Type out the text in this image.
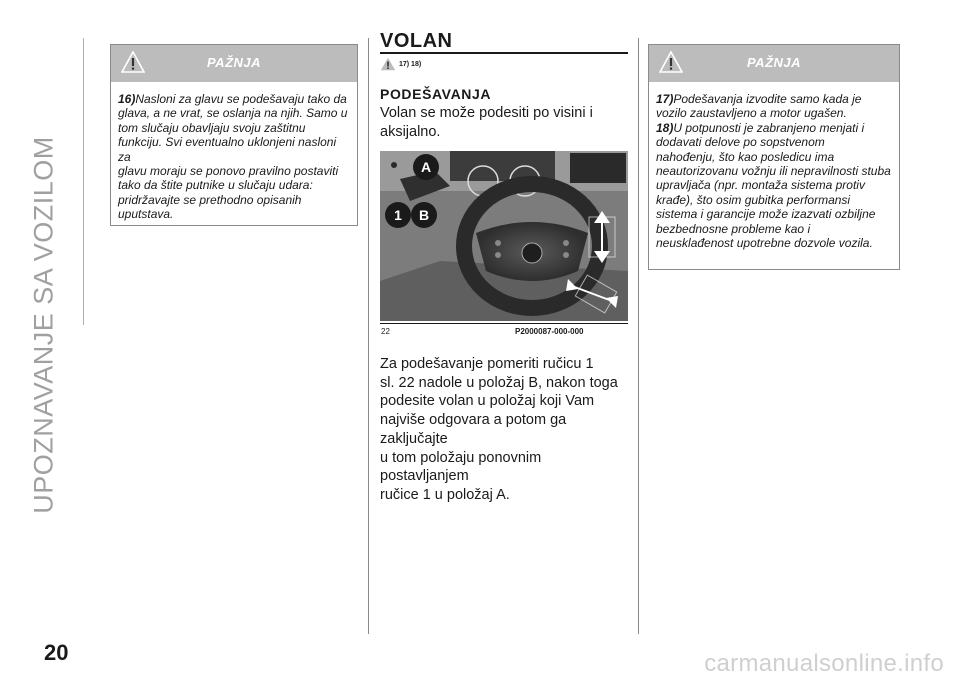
UPOZNAVANJE SA VOZILOM
20
PAŽNJA
16)Nasloni za glavu se podešavaju tako da
glava, a ne vrat, se oslanja na njih. Samo u
tom slučaju obavljaju svoju zaštitnu
funkciju. Svi eventualno uklonjeni nasloni za
glavu moraju se ponovo pravilno postaviti
tako da štite putnike u slučaju udara:
pridržavajte se prethodno opisanih
uputstava.
VOLAN
17) 18)
PODEŠAVANJA
Volan se može podesiti po visini i
aksijalno.
A
1 B
22	P2000087-000-000
Za podešavanje pomeriti ručicu 1
sl. 22 nadole u položaj B, nakon toga
podesite volan u položaj koji Vam
najviše odgovara a potom ga zaključajte
u tom položaju ponovnim postavljanjem
ručice 1 u položaj A.
PAŽNJA
17)Podešavanja izvodite samo kada je
vozilo zaustavljeno a motor ugašen.
18)U potpunosti je zabranjeno menjati i
dodavati delove po sopstvenom
nahođenju, što kao posledicu ima
neautorizovanu vožnju ili nepravilnosti stuba
upravljača (npr. montaža sistema protiv
krađe), što osim gubitka performansi
sistema i garancije može izazvati ozbiljne
bezbednosne probleme kao i
neusklađenost upotrebne dozvole vozila.
carmanualsonline.info
